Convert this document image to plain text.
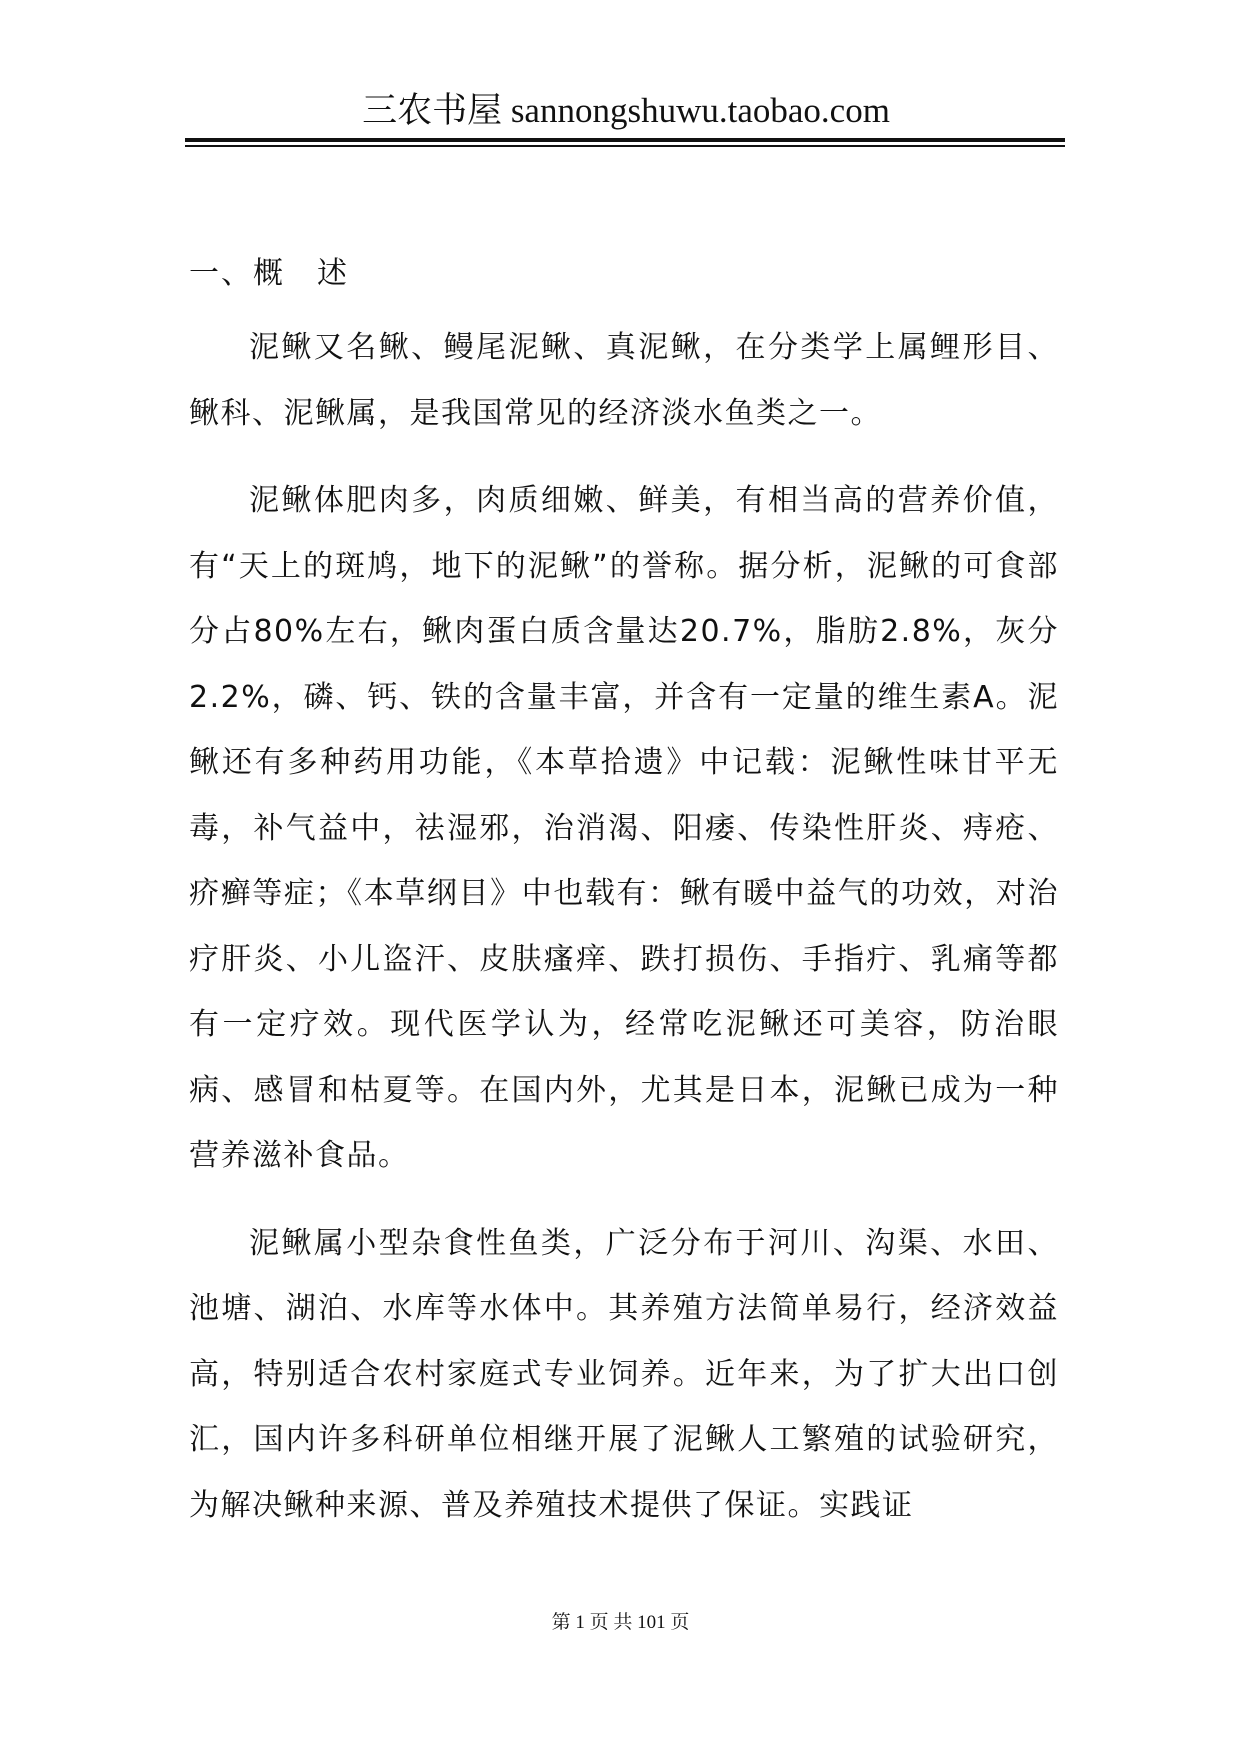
三农书屋 sannongshuwu.taobao.com
一、概　述

泥鳅又名鳅、鳗尾泥鳅、真泥鳅，在分类学上属鲤形目、鳅科、泥鳅属，是我国常见的经济淡水鱼类之一。

泥鳅体肥肉多，肉质细嫩、鲜美，有相当高的营养价值，有“天上的斑鸠，地下的泥鳅”的誉称。据分析，泥鳅的可食部分占80%左右，鳅肉蛋白质含量达20.7%，脂肪2.8%，灰分2.2%，磷、钙、铁的含量丰富，并含有一定量的维生素A。泥鳅还有多种药用功能，《本草拾遗》中记载：泥鳅性味甘平无毒，补气益中，祛湿邪，治消渴、阳痿、传染性肝炎、痔疮、疥癣等症；《本草纲目》中也载有：鳅有暖中益气的功效，对治疗肝炎、小儿盗汗、皮肤瘙痒、跌打损伤、手指疔、乳痛等都有一定疗效。现代医学认为，经常吃泥鳅还可美容，防治眼病、感冒和枯夏等。在国内外，尤其是日本，泥鳅已成为一种营养滋补食品。

泥鳅属小型杂食性鱼类，广泛分布于河川、沟渠、水田、池塘、湖泊、水库等水体中。其养殖方法简单易行，经济效益高，特别适合农村家庭式专业饲养。近年来，为了扩大出口创汇，国内许多科研单位相继开展了泥鳅人工繁殖的试验研究，为解决鳅种来源、普及养殖技术提供了保证。实践证

第 1 页 共 101 页
